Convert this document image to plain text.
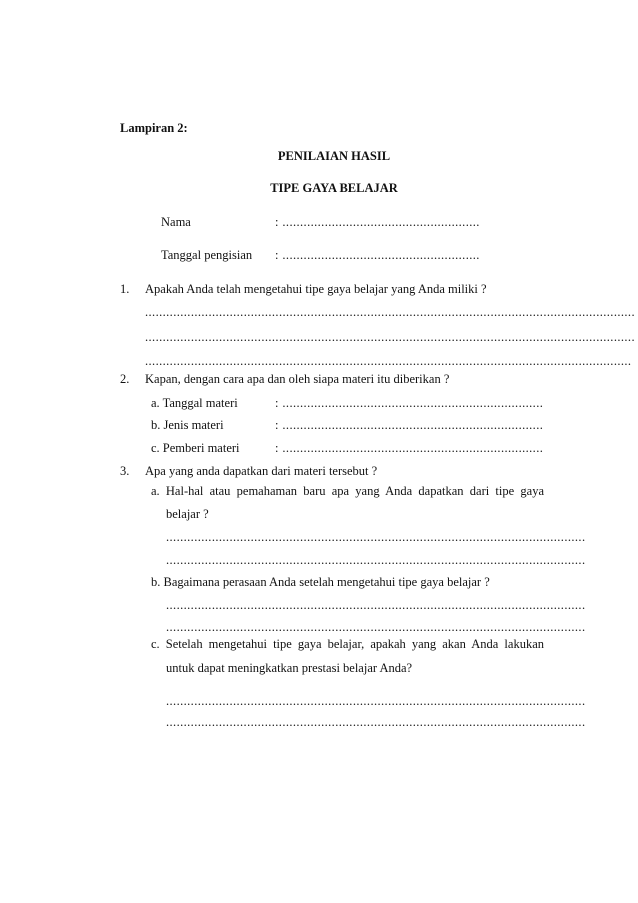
Lampiran 2:
PENILAIAN HASIL
TIPE GAYA BELAJAR
Nama	: ........................................................
Tanggal pengisian : ........................................................
1. Apakah Anda telah mengetahui tipe gaya belajar yang Anda miliki ?
...........................................................................................................................................
...........................................................................................................................................
..........................................................................................................................................
2. Kapan, dengan cara apa dan oleh siapa materi itu diberikan ?
a. Tanggal materi	: ..........................................................................
b. Jenis materi	: ..........................................................................
c. Pemberi materi	: ..........................................................................
3. Apa yang anda dapatkan dari materi tersebut ?
a. Hal-hal atau pemahaman baru apa yang Anda dapatkan dari tipe gaya
belajar ?
.......................................................................................................................
.......................................................................................................................
b. Bagaimana perasaan Anda setelah mengetahui tipe gaya belajar ?
.......................................................................................................................
.......................................................................................................................
c. Setelah mengetahui tipe gaya belajar, apakah yang akan Anda lakukan
untuk dapat meningkatkan prestasi belajar Anda?
.......................................................................................................................
.......................................................................................................................
